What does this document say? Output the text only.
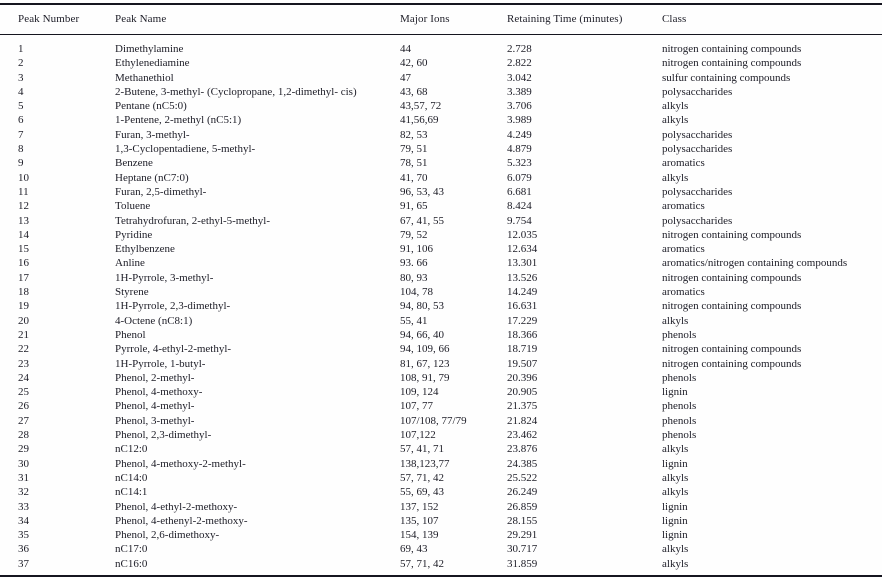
Peak Number	Peak Name	Major Ions	Retaining Time (minutes)	Class
1	Dimethylamine	44	2.728	nitrogen containing compounds
2	Ethylenediamine	42, 60	2.822	nitrogen containing compounds
3	Methanethiol	47	3.042	sulfur containing compounds
4	2-Butene, 3-methyl- (Cyclopropane, 1,2-dimethyl- cis)	43, 68	3.389	polysaccharides
5	Pentane (nC5:0)	43,57, 72	3.706	alkyls
6	1-Pentene, 2-methyl (nC5:1)	41,56,69	3.989	alkyls
7	Furan, 3-methyl-	82, 53	4.249	polysaccharides
8	1,3-Cyclopentadiene, 5-methyl-	79, 51	4.879	polysaccharides
9	Benzene	78, 51	5.323	aromatics
10	Heptane (nC7:0)	41, 70	6.079	alkyls
11	Furan, 2,5-dimethyl-	96, 53, 43	6.681	polysaccharides
12	Toluene	91, 65	8.424	aromatics
13	Tetrahydrofuran, 2-ethyl-5-methyl-	67, 41, 55	9.754	polysaccharides
14	Pyridine	79, 52	12.035	nitrogen containing compounds
15	Ethylbenzene	91, 106	12.634	aromatics
16	Anline	93. 66	13.301	aromatics/nitrogen containing compounds
17	1H-Pyrrole, 3-methyl-	80, 93	13.526	nitrogen containing compounds
18	Styrene	104, 78	14.249	aromatics
19	1H-Pyrrole, 2,3-dimethyl-	94, 80, 53	16.631	nitrogen containing compounds
20	4-Octene (nC8:1)	55, 41	17.229	alkyls
21	Phenol	94, 66, 40	18.366	phenols
22	Pyrrole, 4-ethyl-2-methyl-	94, 109, 66	18.719	nitrogen containing compounds
23	1H-Pyrrole, 1-butyl-	81, 67, 123	19.507	nitrogen containing compounds
24	Phenol, 2-methyl-	108, 91, 79	20.396	phenols
25	Phenol, 4-methoxy-	109, 124	20.905	lignin
26	Phenol, 4-methyl-	107, 77	21.375	phenols
27	Phenol, 3-methyl-	107/108, 77/79	21.824	phenols
28	Phenol, 2,3-dimethyl-	107,122	23.462	phenols
29	nC12:0	57, 41, 71	23.876	alkyls
30	Phenol, 4-methoxy-2-methyl-	138,123,77	24.385	lignin
31	nC14:0	57, 71, 42	25.522	alkyls
32	nC14:1	55, 69, 43	26.249	alkyls
33	Phenol, 4-ethyl-2-methoxy-	137, 152	26.859	lignin
34	Phenol, 4-ethenyl-2-methoxy-	135, 107	28.155	lignin
35	Phenol, 2,6-dimethoxy-	154, 139	29.291	lignin
36	nC17:0	69, 43	30.717	alkyls
37	nC16:0	57, 71, 42	31.859	alkyls
